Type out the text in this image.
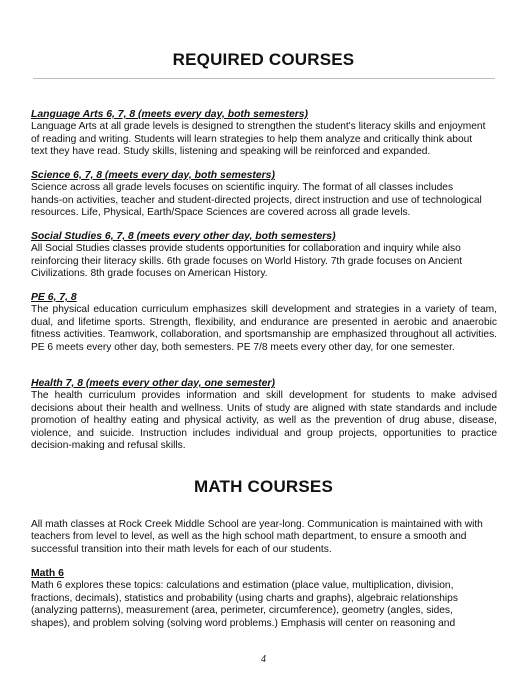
REQUIRED COURSES

Language Arts 6, 7, 8 (meets every day, both semesters)

Language Arts at all grade levels is designed to strengthen the student's literacy skills and enjoyment
of reading and writing. Students will learn strategies to help them analyze and critically think about
text they have read. Study skills, listening and speaking will be reinforced and expanded.

Science 6, 7, 8 (meets every day, both semesters)

Science across all grade levels focuses on scientific inquiry. The format of all classes includes
hands-on activities, teacher and student-directed projects, direct instruction and use of technological
resources. Life, Physical, Earth/Space Sciences are covered across all grade levels.

Social Studies 6, 7, 8 (meets every other day, both semesters)

All Social Studies classes provide students opportunities for collaboration and inquiry while also
reinforcing their literacy skills. 6th grade focuses on World History. 7th grade focuses on Ancient
Civilizations. 8th grade focuses on American History.

PE 6, 7, 8

The physical education curriculum emphasizes skill development and strategies in a variety of team, dual, and lifetime sports. Strength, flexibility, and endurance are presented in aerobic and anaerobic fitness activities. Teamwork, collaboration, and sportsmanship are emphasized throughout all activities. PE 6 meets every other day, both semesters. PE 7/8 meets every other day, for one semester.

Health 7, 8 (meets every other day, one semester)

The health curriculum provides information and skill development for students to make advised decisions about their health and wellness. Units of study are aligned with state standards and include promotion of healthy eating and physical activity, as well as the prevention of drug abuse, disease, violence, and suicide. Instruction includes individual and group projects, opportunities to practice decision-making and refusal skills.

MATH COURSES

All math classes at Rock Creek Middle School are year-long. Communication is maintained with with
teachers from level to level, as well as the high school math department, to ensure a smooth and
successful transition into their math levels for each of our students.

Math 6

Math 6 explores these topics: calculations and estimation (place value, multiplication, division,
fractions, decimals), statistics and probability (using charts and graphs), algebraic relationships
(analyzing patterns), measurement (area, perimeter, circumference), geometry (angles, sides,
shapes), and problem solving (solving word problems.) Emphasis will center on reasoning and

4
